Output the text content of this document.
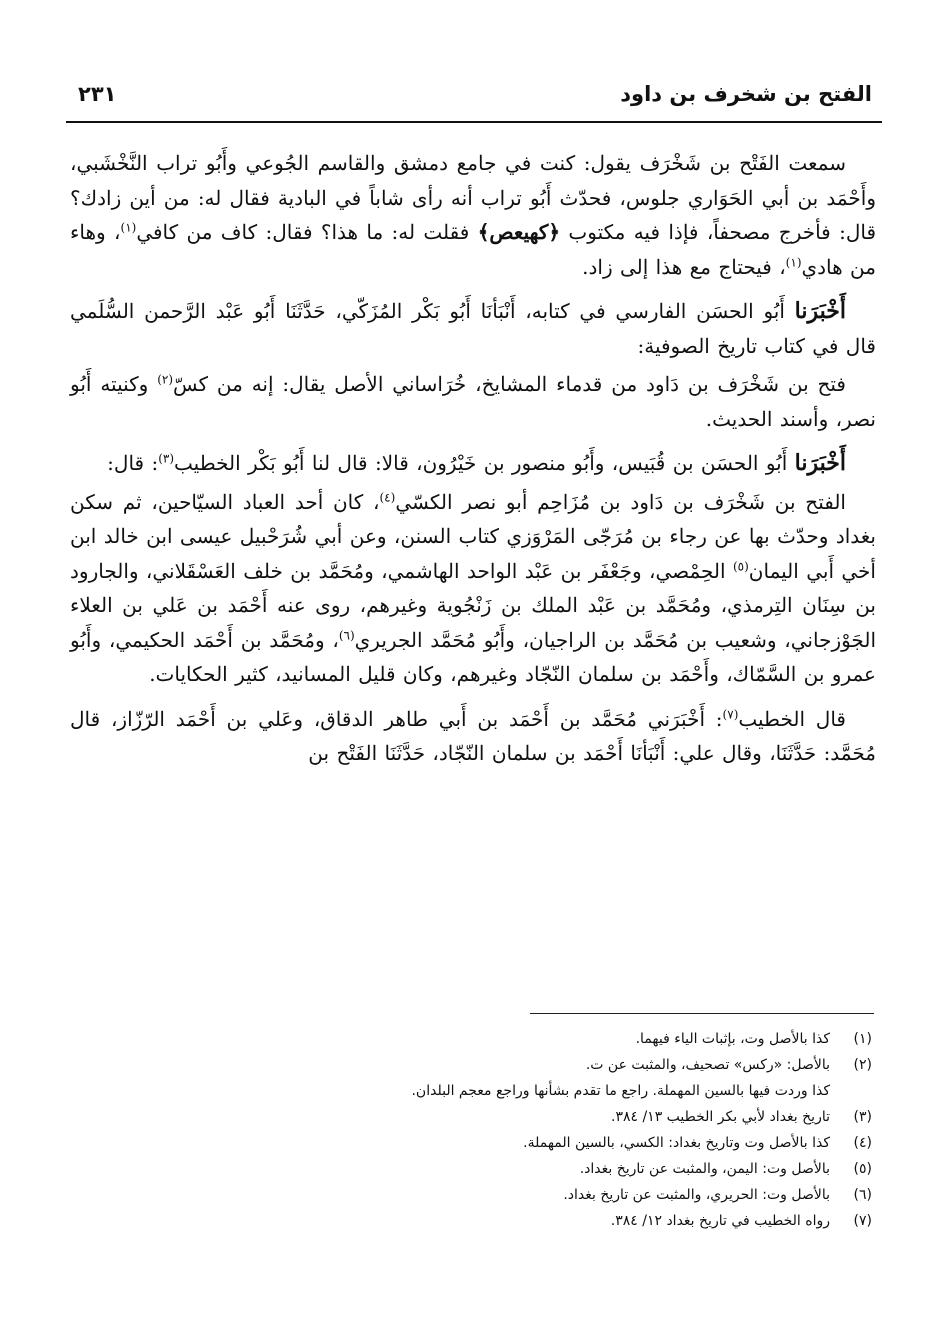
الفتح بن شخرف بن داود
٢٣١

سمعت الفَتْح بن شَخْرَف يقول: كنت في جامع دمشق والقاسم الجُوعي وأَبُو تراب النَّخْشَبي، وأَحْمَد بن أبي الحَوَاري جلوس، فحدّث أَبُو تراب أنه رأى شاباً في البادية فقال له: من أين زادك؟ قال: فأخرج مصحفاً، فإذا فيه مكتوب ﴿كهيعص﴾ فقلت له: ما هذا؟ فقال: كاف من كافي$^{(١)}$، وهاء من هادي$^{(١)}$، فيحتاج مع هذا إلى زاد.

أَخْبَرَنا أَبُو الحسَن الفارسي في كتابه، أَنْبَأنَا أَبُو بَكْر المُزَكّي، حَدَّثَنَا أَبُو عَبْد الرَّحمن السُّلَمي قال في كتاب تاريخ الصوفية:

فتح بن شَخْرَف بن دَاود من قدماء المشايخ، خُرَاساني الأصل يقال: إنه من كسّ$^{(٢)}$ وكنيته أَبُو نصر، وأسند الحديث.

أَخْبَرَنا أَبُو الحسَن بن قُبَيس، وأَبُو منصور بن خَيْرُون، قالا: قال لنا أَبُو بَكْر الخطيب$^{(٣)}$: قال:

الفتح بن شَخْرَف بن دَاود بن مُزَاحِم أبو نصر الكسّي$^{(٤)}$، كان أحد العباد السيّاحين، ثم سكن بغداد وحدّث بها عن رجاء بن مُرَجّى المَرْوَزي كتاب السنن، وعن أبي شُرَحْبيل عيسى ابن خالد ابن أخي أَبي اليمان$^{(٥)}$ الحِمْصي، وجَعْفَر بن عَبْد الواحد الهاشمي، ومُحَمَّد بن خلف العَسْقَلاني، والجارود بن سِنَان التِرمذي، ومُحَمَّد بن عَبْد الملك بن زَنْجُوية وغيرهم، روى عنه أَحْمَد بن عَلي بن العلاء الجَوْزجاني، وشعيب بن مُحَمَّد بن الراجيان، وأَبُو مُحَمَّد الجريري$^{(٦)}$، ومُحَمَّد بن أَحْمَد الحكيمي، وأَبُو عمرو بن السَّمّاك، وأَحْمَد بن سلمان النّجّاد وغيرهم، وكان قليل المسانيد، كثير الحكايات.

قال الخطيب$^{(٧)}$: أَخْبَرَني مُحَمَّد بن أَحْمَد بن أَبي طاهر الدقاق، وعَلي بن أَحْمَد الرّزّاز، قال مُحَمَّد: حَدَّثَنَا، وقال علي: أَنْبَأنَا أَحْمَد بن سلمان النّجّاد، حَدَّثَنَا الفَتْح بن

(١)
كذا بالأصل وت، بإثبات الياء فيهما.
(٢)
بالأصل: «ركس» تصحيف، والمثبت عن ت.
كذا وردت فيها بالسين المهملة. راجع ما تقدم بشأنها وراجع معجم البلدان.
(٣)
تاريخ بغداد لأبي بكر الخطيب ١٣/ ٣٨٤.
(٤)
كذا بالأصل وت وتاريخ بغداد: الكسي، بالسين المهملة.
(٥)
بالأصل وت: اليمن، والمثبت عن تاريخ بغداد.
(٦)
بالأصل وت: الحريري، والمثبت عن تاريخ بغداد.
(٧)
رواه الخطيب في تاريخ بغداد ١٢/ ٣٨٤.
